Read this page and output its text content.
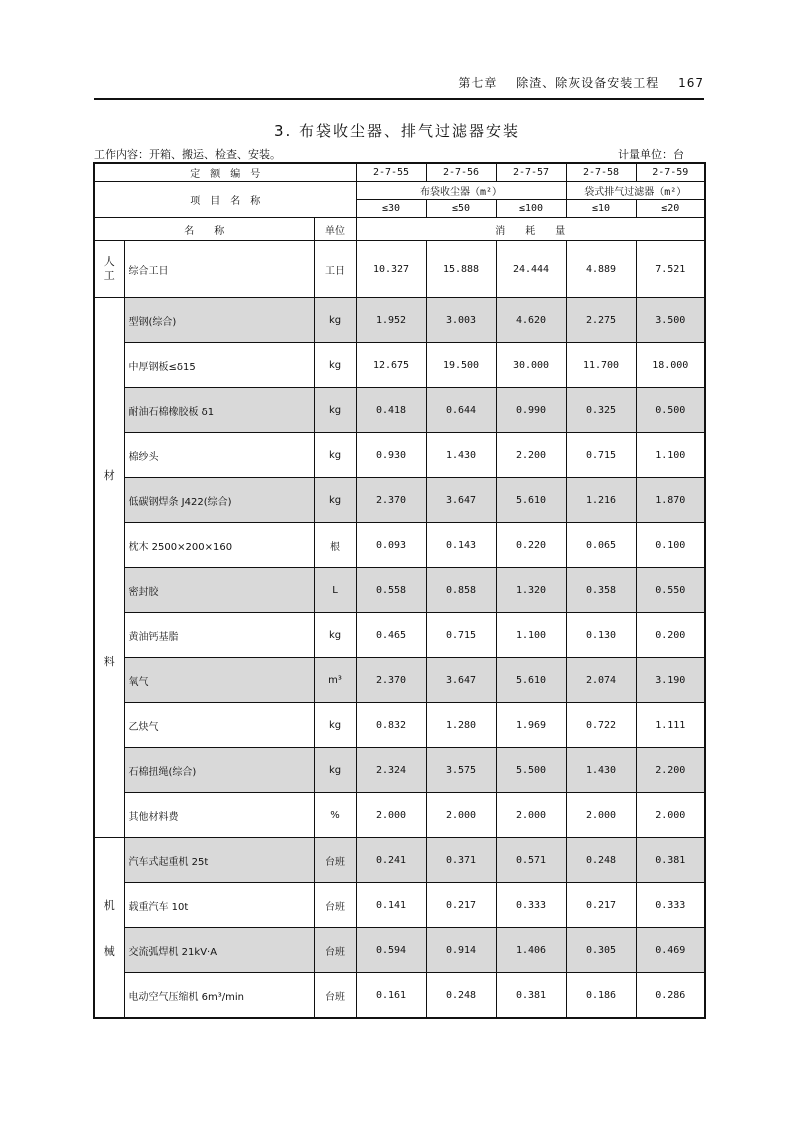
第七章 除渣、除灰设备安装工程 167
3. 布袋收尘器、排气过滤器安装
工作内容：开箱、搬运、检查、安装。	计量单位：台
定　额　编　号			2-7-55	2-7-56	2-7-57	2-7-58	2-7-59
项　目　名　称			布袋收尘器（m²）			袋式排气过滤器（m²）	
			≤30	≤50	≤100	≤10	≤20
名　　称		单位	消　　耗　　量				

人工	综合工日	工日	10.327	15.888	24.444	4.889	7.521

材
料	型钢(综合)	kg	1.952	3.003	4.620	2.275	3.500
	中厚钢板≤δ15	kg	12.675	19.500	30.000	11.700	18.000
	耐油石棉橡胶板 δ1	kg	0.418	0.644	0.990	0.325	0.500
	棉纱头	kg	0.930	1.430	2.200	0.715	1.100
	低碳钢焊条 J422(综合)	kg	2.370	3.647	5.610	1.216	1.870
	枕木 2500×200×160	根	0.093	0.143	0.220	0.065	0.100
	密封胶	L	0.558	0.858	1.320	0.358	0.550
	黄油钙基脂	kg	0.465	0.715	1.100	0.130	0.200
	氧气	m³	2.370	3.647	5.610	2.074	3.190
	乙炔气	kg	0.832	1.280	1.969	0.722	1.111
	石棉扭绳(综合)	kg	2.324	3.575	5.500	1.430	2.200
	其他材料费	%	2.000	2.000	2.000	2.000	2.000

机
械	汽车式起重机 25t	台班	0.241	0.371	0.571	0.248	0.381
	载重汽车 10t	台班	0.141	0.217	0.333	0.217	0.333
	交流弧焊机 21kV·A	台班	0.594	0.914	1.406	0.305	0.469
	电动空气压缩机 6m³/min	台班	0.161	0.248	0.381	0.186	0.286
